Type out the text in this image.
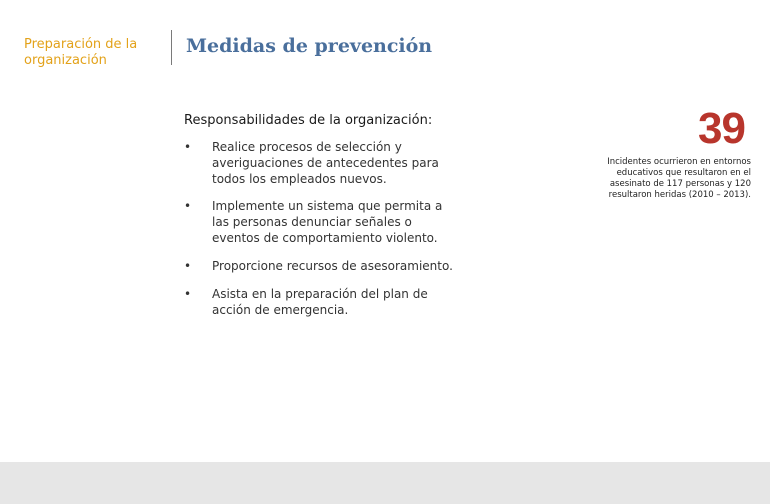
Preparación de la organización
Medidas de prevención
Responsabilidades de la organización:
• Realice procesos de selección y averiguaciones de antecedentes para todos los empleados nuevos.
• Implemente un sistema que permita a las personas denunciar señales o eventos de comportamiento violento.
• Proporcione recursos de asesoramiento.
• Asista en la preparación del plan de acción de emergencia.
39
Incidentes ocurrieron en entornos educativos que resultaron en el asesinato de 117 personas y 120 resultaron heridas (2010 – 2013).
